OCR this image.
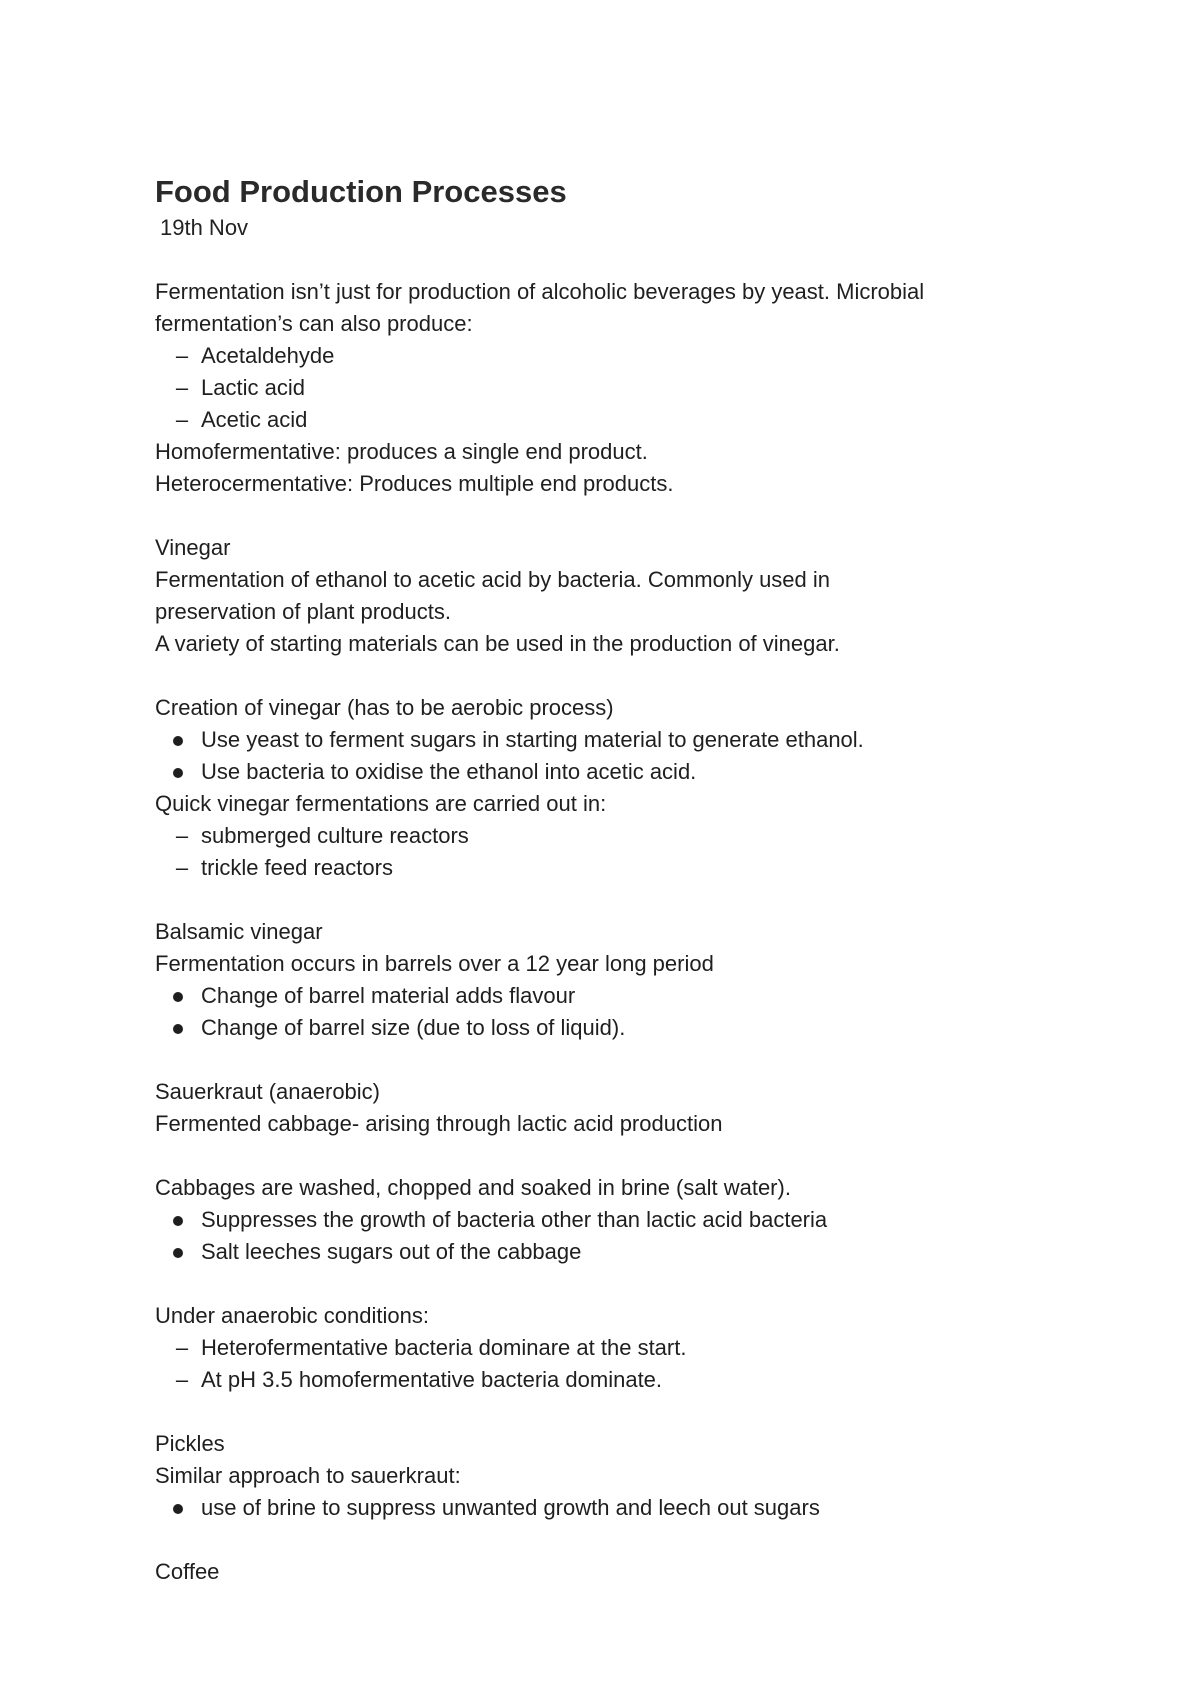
Food Production Processes
19th Nov
Fermentation isn’t just for production of alcoholic beverages by yeast. Microbial
fermentation’s can also produce:
– Acetaldehyde
– Lactic acid
– Acetic acid
Homofermentative: produces a single end product.
Heterocermentative: Produces multiple end products.
Vinegar
Fermentation of ethanol to acetic acid by bacteria. Commonly used in
preservation of plant products.
A variety of starting materials can be used in the production of vinegar.
Creation of vinegar (has to be aerobic process)
Use yeast to ferment sugars in starting material to generate ethanol.
Use bacteria to oxidise the ethanol into acetic acid.
Quick vinegar fermentations are carried out in:
– submerged culture reactors
– trickle feed reactors
Balsamic vinegar
Fermentation occurs in barrels over a 12 year long period
Change of barrel material adds flavour
Change of barrel size (due to loss of liquid).
Sauerkraut (anaerobic)
Fermented cabbage- arising through lactic acid production
Cabbages are washed, chopped and soaked in brine (salt water).
Suppresses the growth of bacteria other than lactic acid bacteria
Salt leeches sugars out of the cabbage
Under anaerobic conditions:
– Heterofermentative bacteria dominare at the start.
– At pH 3.5 homofermentative bacteria dominate.
Pickles
Similar approach to sauerkraut:
use of brine to suppress unwanted growth and leech out sugars
Coffee
